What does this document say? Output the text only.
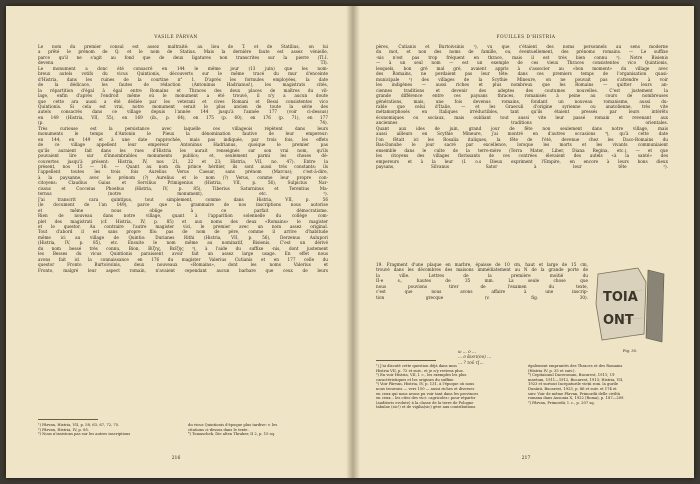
VASILE PÂRVAN
Le nom du premier consul est assez maltraité: au lieu de T. et de Statilius, on lui
a prêté le prénom de Q. et le nom de Statius. Mais la dernière faute est assez vénielle,
parce qu'il ne s'agit au fond que de deux ligatures non transcrites sur la pierre (TI.I.
devenu TI).
Le monument a donc été consacré en 144 le même jour (13 juin) que les nom-
breux autels votifs du vicus Quintionis, découverts sur le même tracé du mur d'enceinte
d'Histria, dans les ruines de la courtine n° 1. D'après les formules employées, la date
de la dédicace, les fautes de rédaction (Antoninus Hadrianus!), les magistrats cités,
la répartition d'égal à égal entre Romains et Thraces des deux places de maîtres du vil-
lage, enfin d'après l'endroit même où le monument a été trouvé, il n'y a aucun doute
que cette ara aussi a été dédiée par les veterani et cives Romani et Bessi consistentes vico
Quintionis. Si cela est vrai, notre monument serait le plus ancien de toute la série des
autels consacrés dans ce village depuis l'année 144 jusqu'à l'année 177 (voir ci-dessus)
en 149 (Histria, VII, 55), en 169 (ib., p. 64), en 175 (p. 60), en 176 (p. 71), en 177
(p. 74).
Très curieuse est la persistance avec laquelle ces villageois répètent dans leurs
monuments le temps d'Antonin le Pieux la dénomination fautive de leur empereur:
en 144, en 149 et à une date rapprochée, mais pas indiquée, par trois fois, les effets
de ce village appellent leur empereur Antoninus Hadrianus, quoique le premier pas
qu'ils auraient fait dans les rues d'Histria les aurait renseignés sur son vrai nom, qu'ils
pouvaient lire sur d'innombrables monuments publics; et, seulement parmi les choses dé-
couvertes jusqu'à présent: Histria, IV, nos 21, 22 et 23; Histria, VII, no. 47). Entre la
présent, nos 15 — 16. — Quant au nom du prince héritier, ils sont aussi très constants: ils
l'appellent toutes les trois fois Aurelius Verus Caesar, sans prénom (Marcus); c'est-à-dire,
à la paysanne, avec le prénom (?) Aurelius et le nom (?) Verus, comme leur propre con-
citoyens: Claudius Gaius et Servilius Primigenius (Histria, VII, p. 56), Sulpicius Nar-
cissus et Cocceius Phoebus (Histria, IV, p. 85), Tiberius Saturninus et Terentius Ma-
ternus (notre monument), etc. ²).
J'ai transcrit cara quintipus, tout simplement, comme dans Histria, VII, p. 56
(le document de l'an 149), parce que la grammaire de nos inscriptions nous autorise
et même nous oblige à ce parfait démocratisme.
Rien de nouveau dans notre village, quant à l'apparition solennelle du collège com-
plet des magistrati (cf. Histria, IV, p. 85) et aux noms des deux «Romains» le magister
et le questor. Au contraire l'autre magister vici, le premier avec un nom assez original.
Tout d'abord il est sans propre fils: pas de nom de père, comme il arrive d'habitude
même ici au village de Quintio: Durianes Rithi (Histria, VII, p. 56), Derzenus Aulupori
(Histria, IV, p. 85), etc. Ensuite le nom même au nominatif, Bisienis. C'est un dérivé
du nom bessé très connu, Bion, Βίζης, Βείζης ³), à l'aide du suffixe -nis, dont justement
les Besses du vicus Quintionis paraissent avoir fait un assez large usage. En effet nous
avons fait ici la connaissance en 176 du magister Valerius Cutianis et en 177 celle du
questor Fronto Burtoivsinis, deux nouveaux «Romains», dont les noms Valerius et
Fronto, malgré leur aspect romain, n'avaient cependant aucun barbare que ceux de leurs
¹) Pârvan, Histria, VII, p. 58, 63, 67, 72, 75.
²) Pârvan, Histria, IV, p. 85.
³) Nous n'insistons pas sur les autres inscriptions
du vicus Quintionis d'époque plus tardive: v. les
citations ci-dessus dans le texte.
⁴) Tomaschek, Die alten Thraker, II 2, p. 15 sq.
216
FOUILLES D'HISTRIA
pères, Cutianis et Burtoivsinis ¹), vu que c'étaient des noms personnels au sens moderne
du mot, et non des noms de famille, ou, éventuellement, des prénoms romains. — Le suffixe
-nis n'est pas trop fréquent en thrace, mais il est très bien connu ²). Notre Bisienis
— à un seul nom — est un exemple de ces vieux Thraces consistentes vico Quintionis,
lesquels, bon gré mal gré, avaient appris à s'associer au «bon moment» du village avec
des Romains, ne perdaient pas leur tête: dans ces premiers temps de l'organisation quasi-
municipale ³) des villages de la Scythie Mineure, on ne pouvait pas s'attendre à voir
les indigènes — aussi riches et plus nombreux que les Romains — quitter leurs an-
ciennes traditions et devenir des adeptes des coutumes nouvelles. C'est justement la
grande différence entre ces paysans thraces, romanisés à peine au cours de nombreuses
générations, mais, une fois devenus romains, fondant un nouveau romanisme, aussi du-
rable que celui d'Italie, — et les Graeculi d'origine syrienne ou anatolienne, très vite
métamorphosés en Italiques irréductibles, tant qu'ils étaient pressés par leurs intérêts
économiques ou sociaux, mais oubliant tout aussi vite leur passé romain et revenant aux
anciennes traditions orientales.
Quant aux ides de juin, grand jour de fête non seulement dans notre village, mais
aussi ailleurs en Scythie Mineure, j'ai montré en d'autres occasions ⁴), qu'à cette date
l'on fêtait ici les Rosalia italiques, la fête de l'été, devenue chez les Daco-Romains du
Bas-Danube le jour sacré par excellence, lorsque les morts et les vivants communiaient
ensemble dans le culte de la terre-mère (Terra Mater, Liber, Diana Regina, etc.), — et que
les citoyens des villages florissants de ces contrées élevaient des autels «à la santé» des
empereurs et à la leur (I. o.s Dieux expriment l'Empire, en encore à leurs bons dieux
paysans, Silvanus Sator à leur tête ⁵).
19. Fragment d'une plaque en marbre, épaisse de 10 cm, haut et large de 15 cm,
trouvé dans les décombres des maisons immédiatement au N de la grande porte de
la ville. Lettres de la première moitié du
II-e s., hautes de 35 mm. La seule chose que
nous pouvions tirer de l'examen du texte,
c'est que nous avons affaire à une inscrip-
tion grecque (v. fig. 30).
ω ... ο ...
... ο ἀυοτ(ου) ...
... ? τοῦ τ[...
ΤΟΙΑ
ΟΝΤ
Fig. 30.
¹) J'ai discuté cette question déjà dans mon
Histria VII, p. 72 et suiv., et je n'y reviens plus.
²) En voir Histria, VII, l. c., les exemples les plus
caractéristiques et les origines du suffixe.
³) Voir Pârvan, Histria, IV, p. 131, à l'époque où nous
nous trouvons — vers 150 — aussi riches et diverses
en ceux qui nous avons pu voir tant dans les provinces
en ceux... les cites des vici: «agricoles» pour répartir
(auditoris evolute) à la classe de la terre de Pologne
tabulae (sic!) et de vigilia(sic) gère aux contributions
également empruntés des Thraces et des Romains
(Histria IV, p. 35 et suiv.).
⁴) Cepitaionul Daceromun, Bucarest, 1911; Ul-
mnetum, 1911—1912, Bucarest, 1913; Histria, VII,
1923 et surtout Incepaturile vieții rom. la gurile
Dunării, Bucarest, 1923, p. 86 et suiv. et 174 et
suiv. Voir de même Pârvan, Primordii delle civiltà
romana dans Ausonia X, 1922 (Roma), p. 187—209.
⁵) Pârvan, Primordii, l. c., p. 207 sq.
217
